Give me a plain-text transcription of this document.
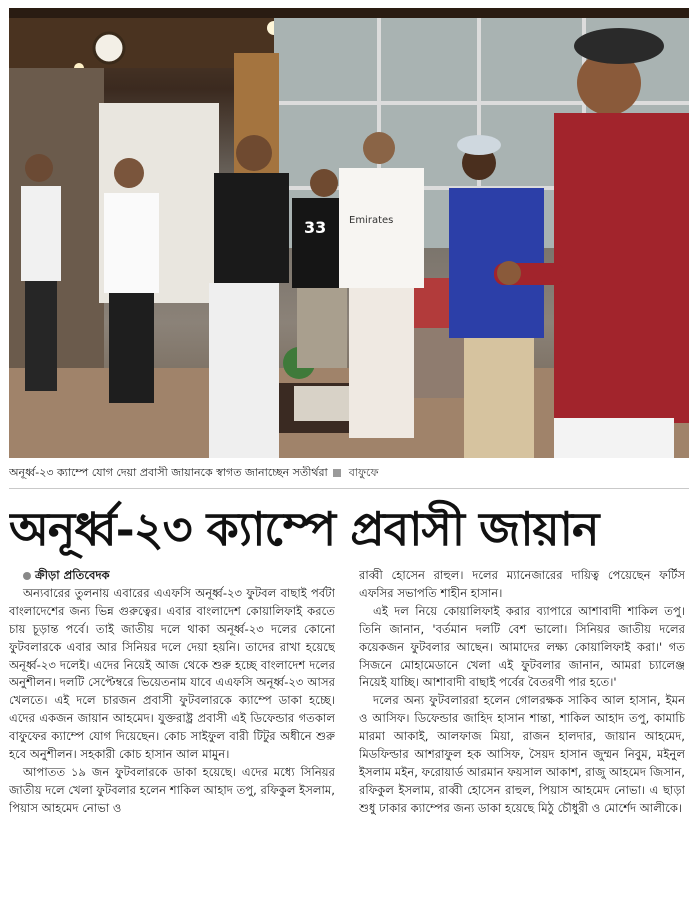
33 Emirates
অনূর্ধ্ব-২৩ ক্যাম্পে যোগ দেয়া প্রবাসী জায়ানকে স্বাগত জানাচ্ছেন সতীর্থরা বাফুফে
অনূর্ধ্ব-২৩ ক্যাম্পে প্রবাসী জায়ান

ক্রীড়া প্রতিবেদক

অন্যবারের তুলনায় এবারের এএফসি অনূর্ধ্ব-২৩ ফুটবল বাছাই পর্বটা বাংলাদেশের জন্য ভিন্ন গুরুত্বের। এবার বাংলাদেশ কোয়ালিফাই করতে চায় চূড়ান্ত পর্বে। তাই জাতীয় দলে থাকা অনূর্ধ্ব-২৩ দলের কোনো ফুটবলারকে এবার আর সিনিয়র দলে দেয়া হয়নি। তাদের রাখা হয়েছে অনূর্ধ্ব-২৩ দলেই। এদের নিয়েই আজ থেকে শুরু হচ্ছে বাংলাদেশ দলের অনুশীলন। দলটি সেপ্টেম্বরে ভিয়েতনাম যাবে এএফসি অনূর্ধ্ব-২৩ আসর খেলতে। এই দলে চারজন প্রবাসী ফুটবলারকে ক্যাম্পে ডাকা হচ্ছে। এদের একজন জায়ান আহমেদ। যুক্তরাষ্ট্র প্রবাসী এই ডিফেন্ডার গতকাল বাফুফের ক্যাম্পে যোগ দিয়েছেন। কোচ সাইফুল বারী টিটুর অধীনে শুরু হবে অনুশীলন। সহকারী কোচ হাসান আল মামুন।

আপাতত ১৯ জন ফুটবলারকে ডাকা হয়েছে। এদের মধ্যে সিনিয়র জাতীয় দলে খেলা ফুটবলার হলেন শাকিল আহাদ তপু, রফিকুল ইসলাম, পিয়াস আহমেদ নোভা ও

রাব্বী হোসেন রাহুল। দলের ম্যানেজারের দায়িত্ব পেয়েছেন ফর্টিস এফসির সভাপতি শাহীন হাসান।

এই দল নিয়ে কোয়ালিফাই করার ব্যাপারে আশাবাদী শাকিল তপু। তিনি জানান, 'বর্তমান দলটি বেশ ভালো। সিনিয়র জাতীয় দলের কয়েকজন ফুটবলার আছেন। আমাদের লক্ষ্য কোয়ালিফাই করা।' গত সিজনে মোহামেডানে খেলা এই ফুটবলার জানান, আমরা চ্যালেঞ্জ নিয়েই যাচ্ছি। আশাবাদী বাছাই পর্বের বৈতরণী পার হতে।'

দলের অন্য ফুটবলাররা হলেন গোলরক্ষক সাকিব আল হাসান, ইমন ও আসিফ। ডিফেন্ডার জাহিদ হাসান শান্তা, শাকিল আহাদ তপু, কামাচি মারমা আকাই, আলফাজ মিয়া, রাজন হালদার, জায়ান আহমেদ, মিডফিল্ডার আশরাফুল হক আসিফ, সৈয়দ হাসান জুম্মন নিবুম, মইনুল ইসলাম মইন, ফরোয়ার্ড আরমান ফয়সাল আকাশ, রাজু আহমেদ জিসান, রফিকুল ইসলাম, রাব্বী হোসেন রাহুল, পিয়াস আহমেদ নোভা। এ ছাড়া শুধু ঢাকার ক্যাম্পের জন্য ডাকা হয়েছে মিঠু চৌধুরী ও মোর্শেদ আলীকে।
